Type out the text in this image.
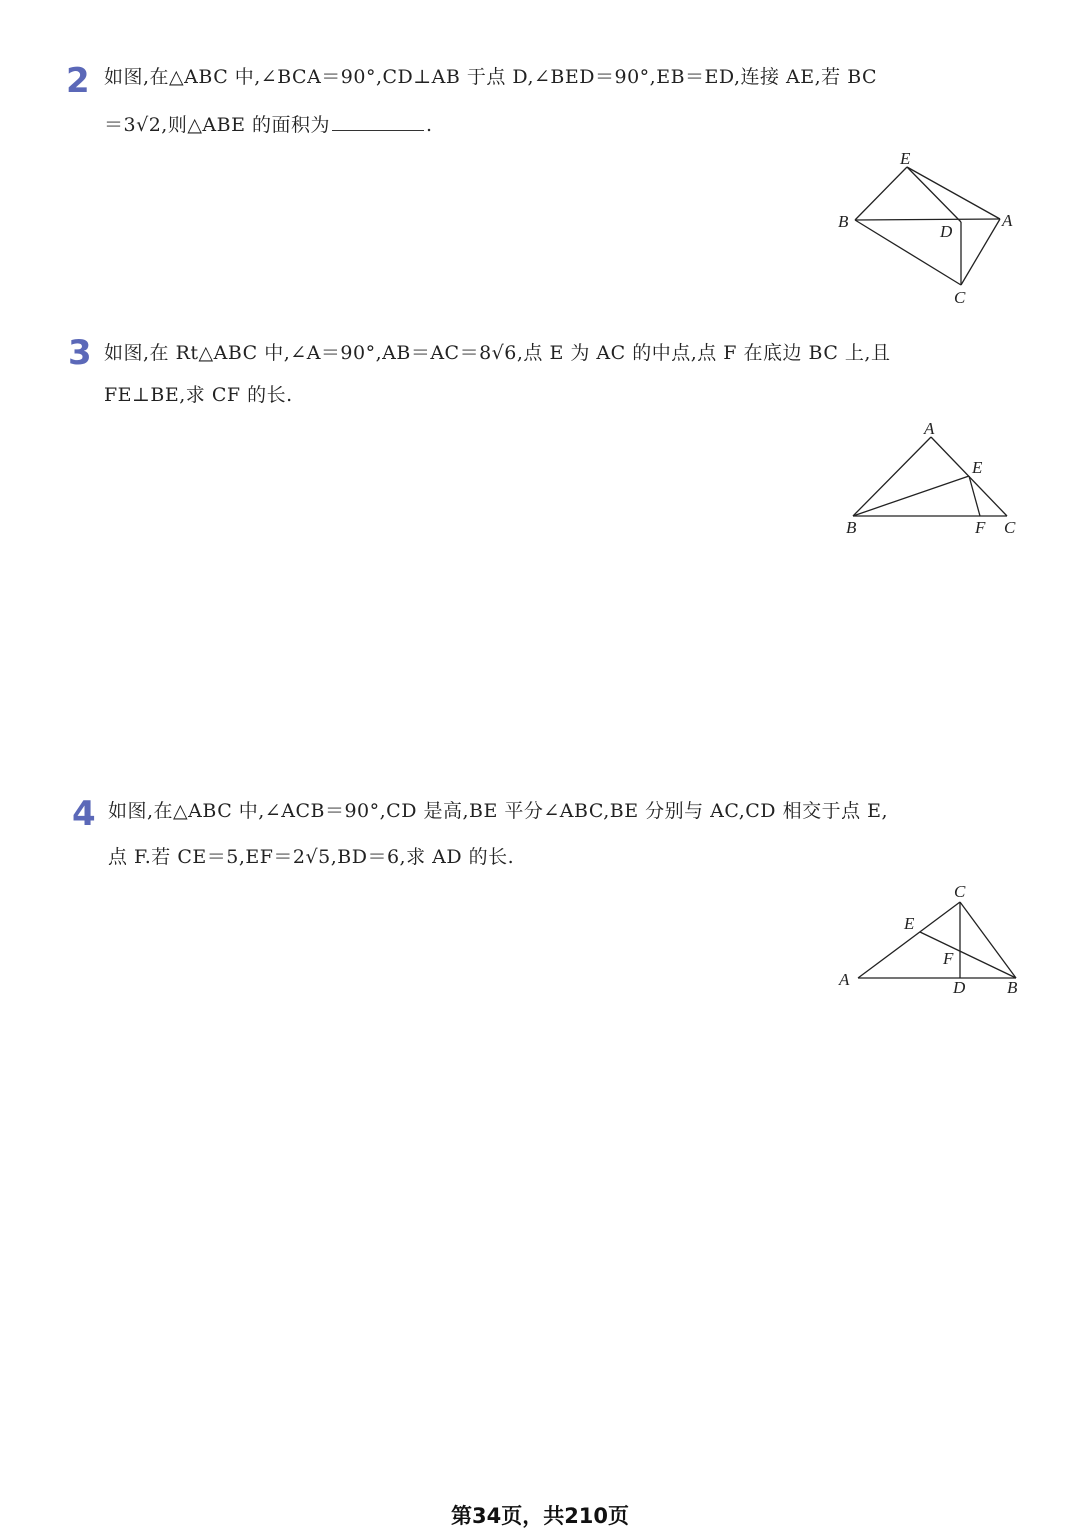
2 如图,在△ABC 中,∠BCA＝90°,CD⊥AB 于点 D,∠BED＝90°,EB＝ED,连接 AE,若 BC
＝3√2,则△ABE 的面积为	.
E
B
D
A
C
3 如图,在 Rt△ABC 中,∠A＝90°,AB＝AC＝8√6,点 E 为 AC 的中点,点 F 在底边 BC 上,且
FE⊥BE,求 CF 的长.
A
E
B	F C
4 如图,在△ABC 中,∠ACB＝90°,CD 是高,BE 平分∠ABC,BE 分别与 AC,CD 相交于点 E,
点 F.若 CE＝5,EF＝2√5,BD＝6,求 AD 的长.
C
E
F
A	D B
第34页，共210页
